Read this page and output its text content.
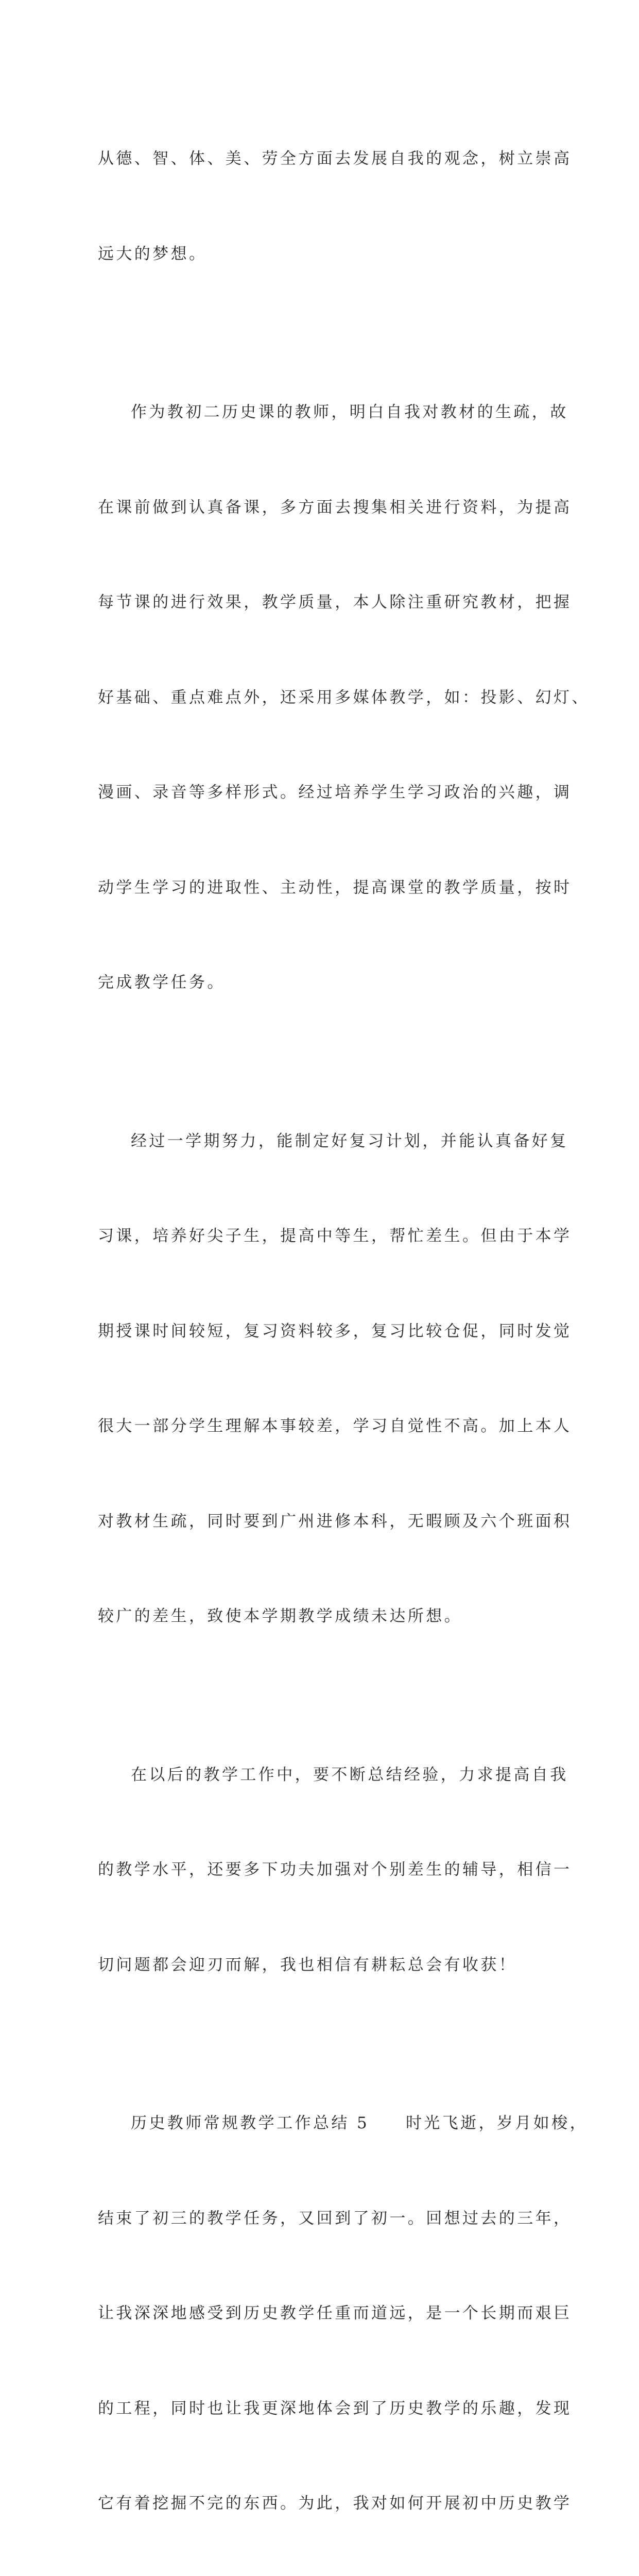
从德、智、体、美、劳全方面去发展自我的观念，树立崇高

远大的梦想。

作为教初二历史课的教师，明白自我对教材的生疏，故

在课前做到认真备课，多方面去搜集相关进行资料，为提高

每节课的进行效果，教学质量，本人除注重研究教材，把握

好基础、重点难点外，还采用多媒体教学，如：投影、幻灯、

漫画、录音等多样形式。经过培养学生学习政治的兴趣，调

动学生学习的进取性、主动性，提高课堂的教学质量，按时

完成教学任务。

经过一学期努力，能制定好复习计划，并能认真备好复

习课，培养好尖子生，提高中等生，帮忙差生。但由于本学

期授课时间较短，复习资料较多，复习比较仓促，同时发觉

很大一部分学生理解本事较差，学习自觉性不高。加上本人

对教材生疏，同时要到广州进修本科，无暇顾及六个班面积

较广的差生，致使本学期教学成绩未达所想。

在以后的教学工作中，要不断总结经验，力求提高自我

的教学水平，还要多下功夫加强对个别差生的辅导，相信一

切问题都会迎刃而解，我也相信有耕耘总会有收获！

历史教师常规教学工作总结 5　　时光飞逝，岁月如梭，

结束了初三的教学任务，又回到了初一。回想过去的三年，

让我深深地感受到历史教学任重而道远，是一个长期而艰巨

的工程，同时也让我更深地体会到了历史教学的乐趣，发现

它有着挖掘不完的东西。为此，我对如何开展初中历史教学
